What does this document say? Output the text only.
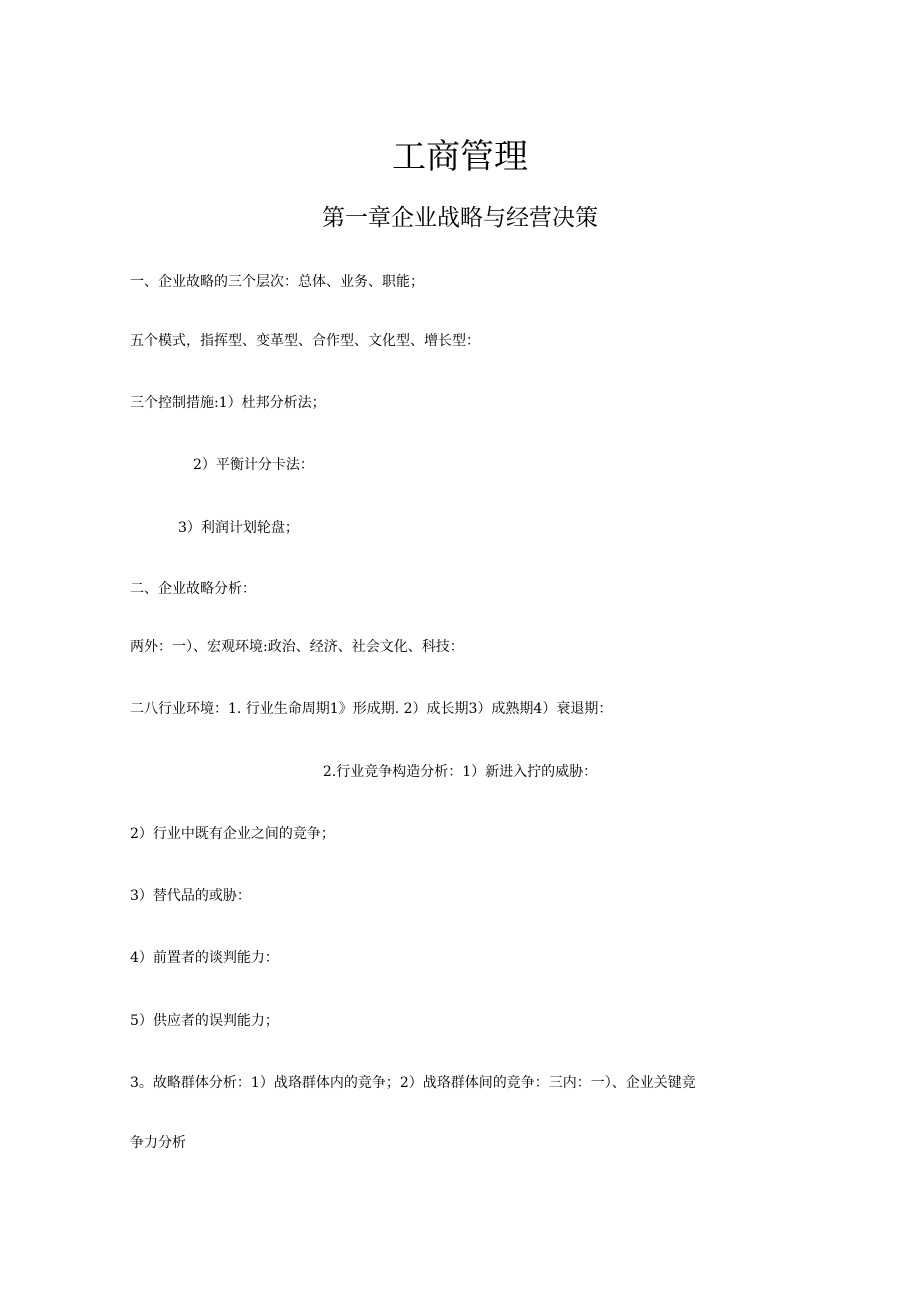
工商管理
第一章企业战略与经营决策
一、企业故略的三个层次：总体、业务、职能；
五个模式，指挥型、变革型、合作型、文化型、增长型：
三个控制措施:1）杜邦分析法；
2）平衡计分卡法：
3）利润计划轮盘；
二、企业故略分析：
两外：一）、宏观环境:政治、经济、社会文化、科技：
二八行业环境：1. 行业生命周期1》形成期. 2）成长期3）成熟期4）衰退期：
2.行业竞争构造分析：1）新进入拧的威胁：
2）行业中既有企业之间的竞争；
3）替代品的或胁：
4）前置者的谈判能力：
5）供应者的误判能力；
3。故略群体分析：1）战珞群体内的竞争；2）战珞群体间的竞争：三内：一）、企业关键竞
争力分析
